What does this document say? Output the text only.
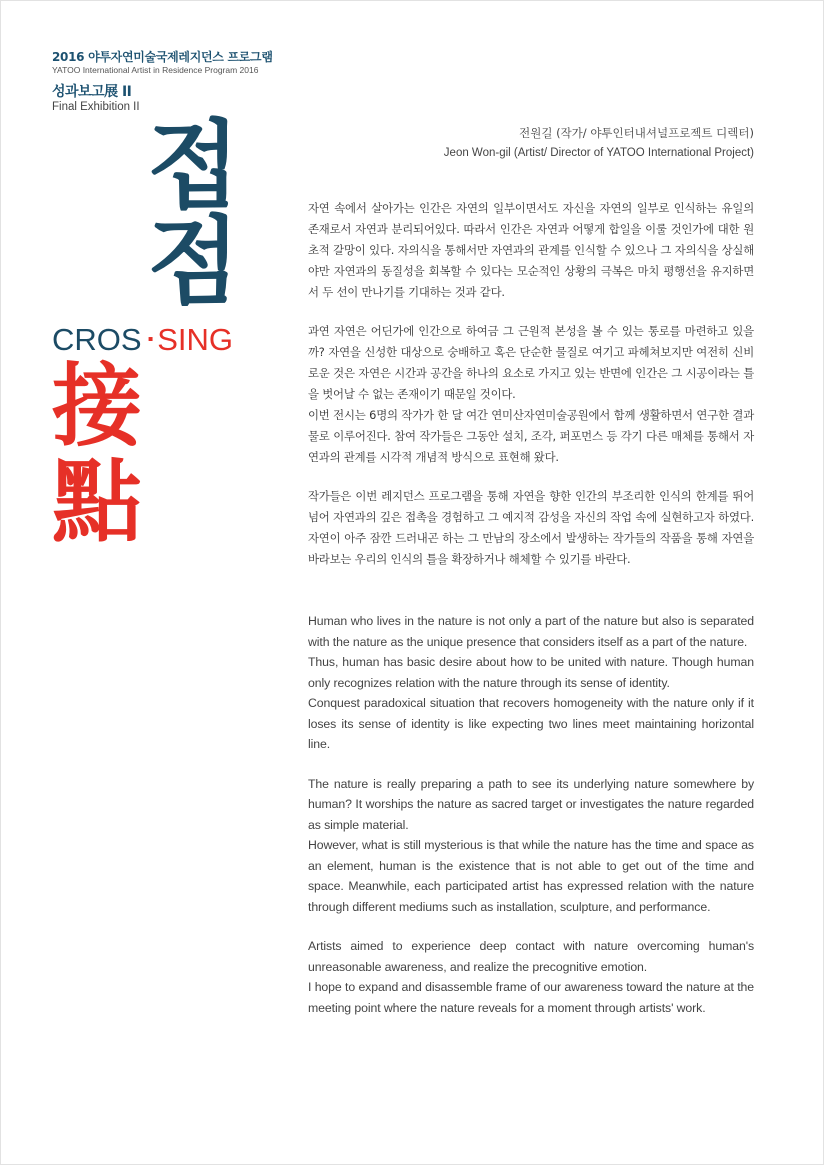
2016 야투자연미술국제레지던스 프로그램

YATOO International Artist in Residence Program 2016

성과보고展 II
Final Exhibition II
접
점
CROS ▪ SING
接
點

전원길 (작가/ 야투인터내셔널프로젝트 디렉터)

Jeon Won-gil (Artist/ Director of YATOO International Project)

자연 속에서 살아가는 인간은 자연의 일부이면서도 자신을 자연의 일부로 인식하는 유일의 존재로서 자연과 분리되어있다. 따라서 인간은 자연과 어떻게 합일을 이룰 것인가에 대한 원초적 갈망이 있다. 자의식을 통해서만 자연과의 관계를 인식할 수 있으나 그 자의식을 상실해야만 자연과의 동질성을 회복할 수 있다는 모순적인 상황의 극복은 마치 평행선을 유지하면서 두 선이 만나기를 기대하는 것과 같다.

과연 자연은 어딘가에 인간으로 하여금 그 근원적 본성을 볼 수 있는 통로를 마련하고 있을까? 자연을 신성한 대상으로 숭배하고 혹은 단순한 물질로 여기고 파헤쳐보지만 여전히 신비로운 것은 자연은 시간과 공간을 하나의 요소로 가지고 있는 반면에 인간은 그 시공이라는 틀을 벗어날 수 없는 존재이기 때문일 것이다.
이번 전시는 6명의 작가가 한 달 여간 연미산자연미술공원에서 함께 생활하면서 연구한 결과물로 이루어진다. 참여 작가들은 그동안 설치, 조각, 퍼포먼스 등 각기 다른 매체를 통해서 자연과의 관계를 시각적 개념적 방식으로 표현해 왔다.

작가들은 이번 레지던스 프로그램을 통해 자연을 향한 인간의 부조리한 인식의 한계를 뛰어넘어 자연과의 깊은 접촉을 경험하고 그 예지적 감성을 자신의 작업 속에 실현하고자 하였다. 자연이 아주 잠깐 드러내곤 하는 그 만남의 장소에서 발생하는 작가들의 작품을 통해 자연을 바라보는 우리의 인식의 틀을 확장하거나 해체할 수 있기를 바란다.

Human who lives in the nature is not only a part of the nature but also is separated with the nature as the unique presence that considers itself as a part of the nature.
Thus, human has basic desire about how to be united with nature. Though human only recognizes relation with the nature through its sense of identity.
Conquest paradoxical situation that recovers homogeneity with the nature only if it loses its sense of identity is like expecting two lines meet maintaining horizontal line.

The nature is really preparing a path to see its underlying nature somewhere by human? It worships the nature as sacred target or investigates the nature regarded as simple material.
However, what is still mysterious is that while the nature has the time and space as an element, human is the existence that is not able to get out of the time and space. Meanwhile, each participated artist has expressed relation with the nature through different mediums such as installation, sculpture, and performance.

Artists aimed to experience deep contact with nature overcoming human's unreasonable awareness, and realize the precognitive emotion.
I hope to expand and disassemble frame of our awareness toward the nature at the meeting point where the nature reveals for a moment through artists' work.
